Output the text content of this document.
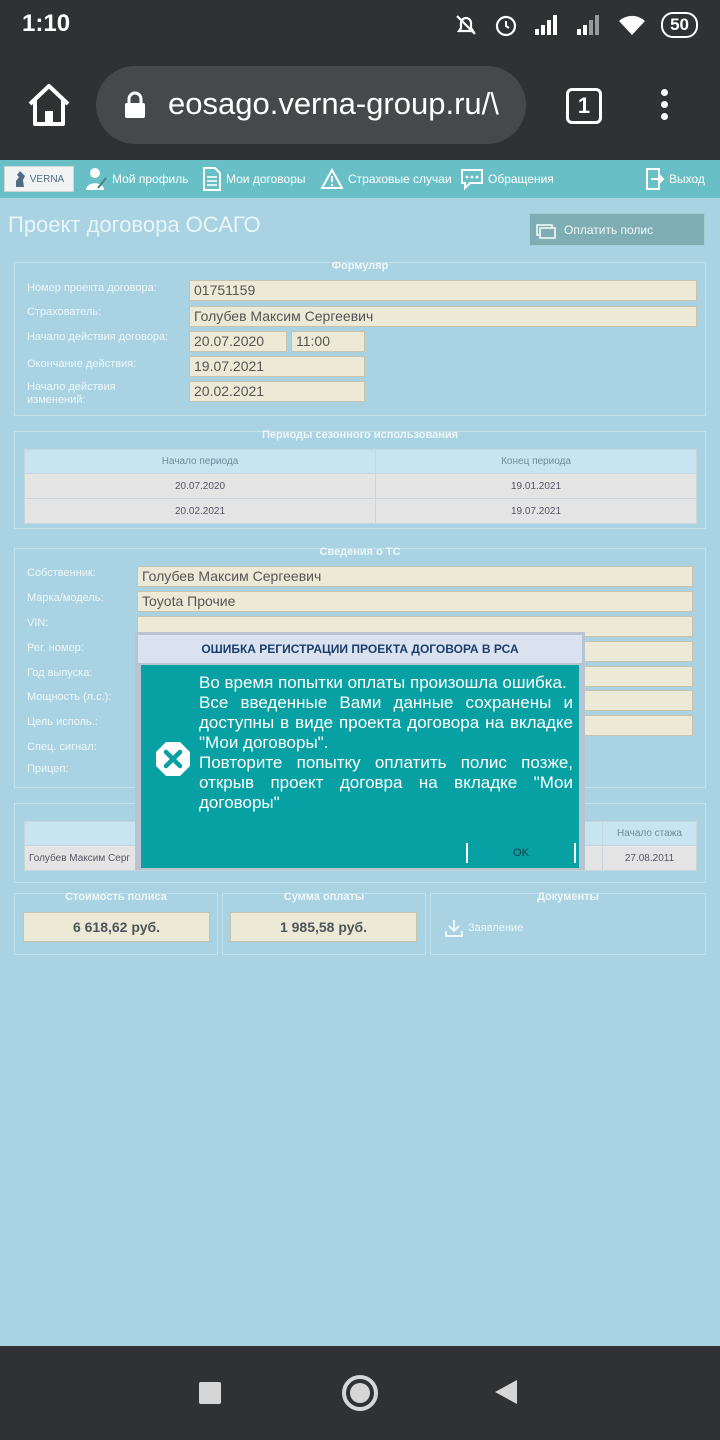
1:10	50
eosago.verna-group.ru/\	1
VERNA	Мой профиль	Мои договоры	Страховые случаи	Обращения	Выход
Проект договора ОСАГО	Оплатить полис
Формуляр
Номер проекта договора:	01751159
Страхователь:	Голубев Максим Сергеевич
Начало действия договора:	20.07.2020	11:00
Окончание действия:	19.07.2021
Начало действия изменений:
20.02.2021
Периоды сезонного использования
Начало периода	Конец периода
20.07.2020	19.01.2021
20.02.2021	19.07.2021
Сведения о ТС
Собственник:	Голубев Максим Сергеевич
Марка/модель:	Toyota Прочие
VIN:
Рег. номер:
Год выпуска:
Мощность (л.с.):
Цель исполь.:
Спец. сигнал:
Прицеп:
	Начало стажа
Голубев Максим Серг	27.08.2011
Стоимость полиса
6 618,62 руб.
Сумма оплаты
1 985,58 руб.
Документы
Заявление
ОШИБКА РЕГИСТРАЦИИ ПРОЕКТА ДОГОВОРА В РСА

Во время попытки оплаты произошла ошибка.

Все введенные Вами данные сохранены и доступны в виде проекта договора на вкладке "Мои договоры".

Повторите попытку оплатить полис позже, открыв проект договра на вкладке "Мои договоры"

OK
